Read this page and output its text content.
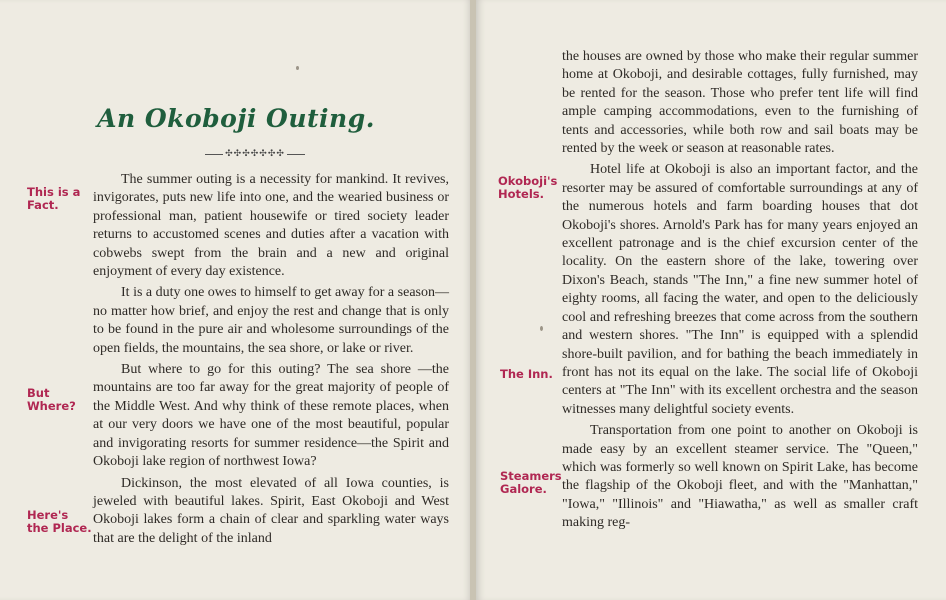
An Okoboji Outing.
✣✣✣✣✣✣✣

The summer outing is a necessity for mankind. It revives, invigorates, puts new life into one, and the wearied business or professional man, patient housewife or tired society leader returns to accustomed scenes and duties after a vacation with cobwebs swept from the brain and a new and original enjoyment of every day existence.

It is a duty one owes to himself to get away for a season—no matter how brief, and enjoy the rest and change that is only to be found in the pure air and wholesome surroundings of the open fields, the mountains, the sea shore, or lake or river.

But where to go for this outing? The sea shore —the mountains are too far away for the great majority of people of the Middle West. And why think of these remote places, when at our very doors we have one of the most beautiful, popular and invigorating resorts for summer residence—the Spirit and Okoboji lake region of northwest Iowa?

Dickinson, the most elevated of all Iowa counties, is jeweled with beautiful lakes. Spirit, East Okoboji and West Okoboji lakes form a chain of clear and sparkling water ways that are the delight of the inland

This is a
Fact.
But
Where?
Here's
the Place.

the houses are owned by those who make their regular summer home at Okoboji, and desirable cottages, fully furnished, may be rented for the season. Those who prefer tent life will find ample camping accommodations, even to the furnishing of tents and accessories, while both row and sail boats may be rented by the week or season at reasonable rates.

Hotel life at Okoboji is also an important factor, and the resorter may be assured of comfortable surroundings at any of the numerous hotels and farm boarding houses that dot Okoboji's shores. Arnold's Park has for many years enjoyed an excellent patronage and is the chief excursion center of the locality. On the eastern shore of the lake, towering over Dixon's Beach, stands "The Inn," a fine new summer hotel of eighty rooms, all facing the water, and open to the deliciously cool and refreshing breezes that come across from the southern and western shores. "The Inn" is equipped with a splendid shore-built pavilion, and for bathing the beach immediately in front has not its equal on the lake. The social life of Okoboji centers at "The Inn" with its excellent orchestra and the season witnesses many delightful society events.

Transportation from one point to another on Okoboji is made easy by an excellent steamer service. The "Queen," which was formerly so well known on Spirit Lake, has become the flagship of the Okoboji fleet, and with the "Manhattan," "Iowa," "Illinois" and "Hiawatha," as well as smaller craft making reg-

Okoboji's
Hotels.
The Inn.
Steamers
Galore.
